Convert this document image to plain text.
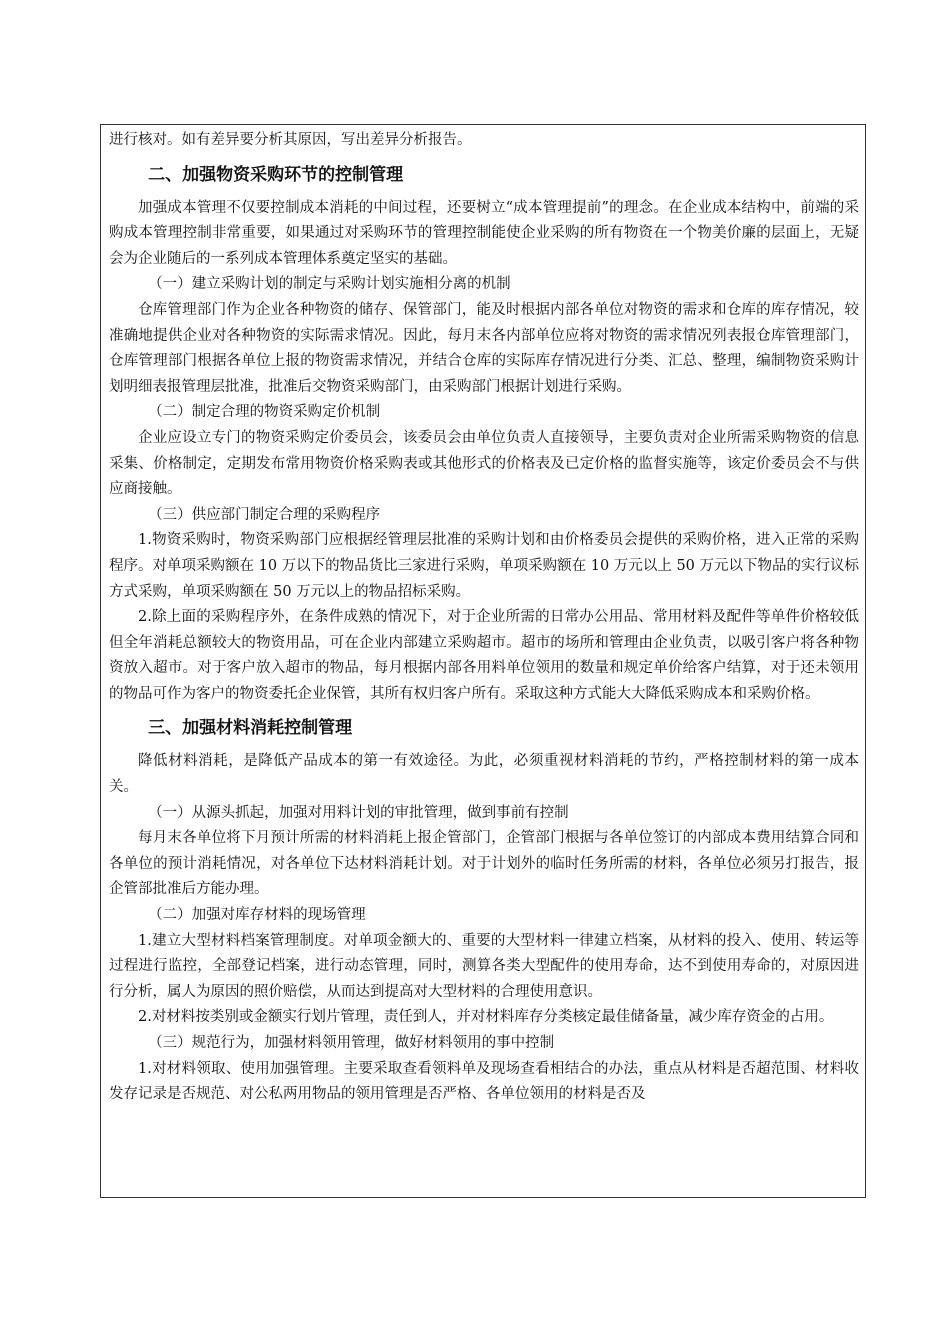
进行核对。如有差异要分析其原因，写出差异分析报告。

二、加强物资采购环节的控制管理

加强成本管理不仅要控制成本消耗的中间过程，还要树立“成本管理提前”的理念。在企业成本结构中，前端的采购成本管理控制非常重要，如果通过对采购环节的管理控制能使企业采购的所有物资在一个物美价廉的层面上，无疑会为企业随后的一系列成本管理体系奠定坚实的基础。

（一）建立采购计划的制定与采购计划实施相分离的机制

仓库管理部门作为企业各种物资的储存、保管部门，能及时根据内部各单位对物资的需求和仓库的库存情况，较准确地提供企业对各种物资的实际需求情况。因此，每月末各内部单位应将对物资的需求情况列表报仓库管理部门，仓库管理部门根据各单位上报的物资需求情况，并结合仓库的实际库存情况进行分类、汇总、整理，编制物资采购计划明细表报管理层批准，批准后交物资采购部门，由采购部门根据计划进行采购。

（二）制定合理的物资采购定价机制

企业应设立专门的物资采购定价委员会，该委员会由单位负责人直接领导，主要负责对企业所需采购物资的信息采集、价格制定，定期发布常用物资价格采购表或其他形式的价格表及已定价格的监督实施等，该定价委员会不与供应商接触。

（三）供应部门制定合理的采购程序

1.物资采购时，物资采购部门应根据经管理层批准的采购计划和由价格委员会提供的采购价格，进入正常的采购程序。对单项采购额在 10 万以下的物品货比三家进行采购，单项采购额在 10 万元以上 50 万元以下物品的实行议标方式采购，单项采购额在 50 万元以上的物品招标采购。

2.除上面的采购程序外，在条件成熟的情况下，对于企业所需的日常办公用品、常用材料及配件等单件价格较低但全年消耗总额较大的物资用品，可在企业内部建立采购超市。超市的场所和管理由企业负责，以吸引客户将各种物资放入超市。对于客户放入超市的物品，每月根据内部各用料单位领用的数量和规定单价给客户结算，对于还未领用的物品可作为客户的物资委托企业保管，其所有权归客户所有。采取这种方式能大大降低采购成本和采购价格。

三、加强材料消耗控制管理

降低材料消耗，是降低产品成本的第一有效途径。为此，必须重视材料消耗的节约，严格控制材料的第一成本关。

（一）从源头抓起，加强对用料计划的审批管理，做到事前有控制

每月末各单位将下月预计所需的材料消耗上报企管部门，企管部门根据与各单位签订的内部成本费用结算合同和各单位的预计消耗情况，对各单位下达材料消耗计划。对于计划外的临时任务所需的材料，各单位必须另打报告，报企管部批准后方能办理。

（二）加强对库存材料的现场管理

1.建立大型材料档案管理制度。对单项金额大的、重要的大型材料一律建立档案，从材料的投入、使用、转运等过程进行监控，全部登记档案，进行动态管理，同时，测算各类大型配件的使用寿命，达不到使用寿命的，对原因进行分析，属人为原因的照价赔偿，从而达到提高对大型材料的合理使用意识。

2.对材料按类别或金额实行划片管理，责任到人，并对材料库存分类核定最佳储备量，减少库存资金的占用。

（三）规范行为，加强材料领用管理，做好材料领用的事中控制

1.对材料领取、使用加强管理。主要采取查看领料单及现场查看相结合的办法，重点从材料是否超范围、材料收发存记录是否规范、对公私两用物品的领用管理是否严格、各单位领用的材料是否及
